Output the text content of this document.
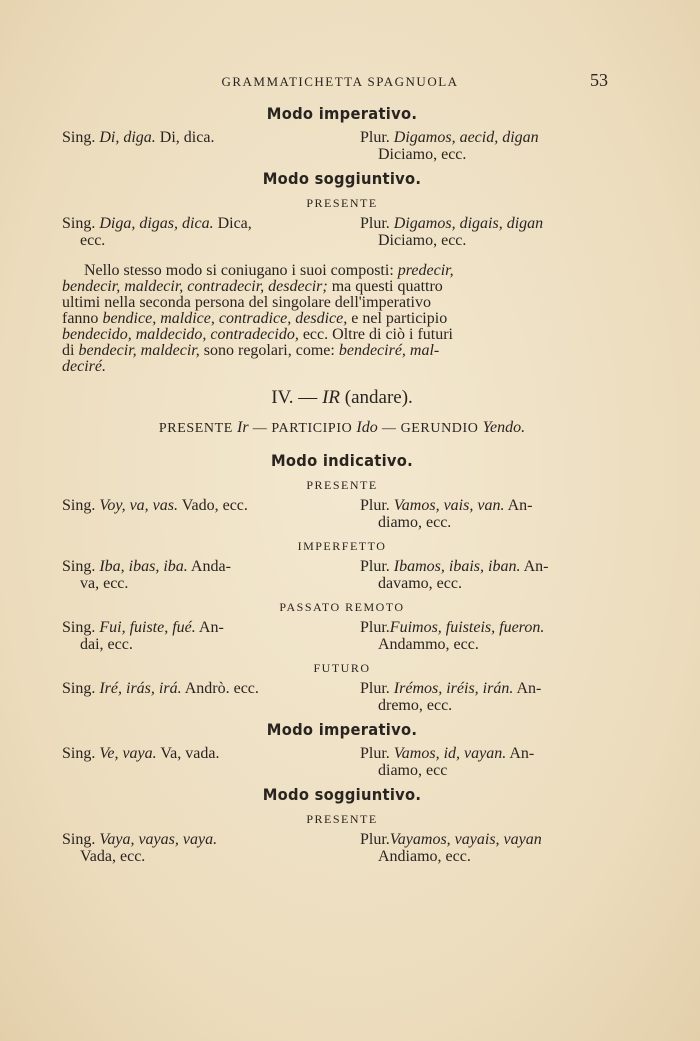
GRAMMATICHETTA SPAGNUOLA	53
Modo imperativo.
Sing. Di, diga. Di, dica.	Plur. Digamos, aecid, digan
Diciamo, ecc.
Modo soggiuntivo.
PRESENTE
Sing. Diga, digas, dica. Dica,
ecc.
Plur. Digamos, digais, digan
Diciamo, ecc.
Nello stesso modo si coniugano i suoi composti: predecir,
bendecir, maldecir, contradecir, desdecir; ma questi quattro
ultimi nella seconda persona del singolare dell'imperativo
fanno bendice, maldice, contradice, desdice, e nel participio
bendecido, maldecido, contradecido, ecc. Oltre di ciò i futuri
di bendecir, maldecir, sono regolari, come: bendeciré, mal-
deciré.
IV. — IR (andare).
PRESENTE Ir — PARTICIPIO Ido — GERUNDIO Yendo.
Modo indicativo.
PRESENTE
Sing. Voy, va, vas. Vado, ecc.	Plur. Vamos, vais, van. An-
diamo, ecc.
IMPERFETTO
Sing. Iba, ibas, iba. Anda-
va, ecc.
Plur. Ibamos, ibais, iban. An-
davamo, ecc.
PASSATO REMOTO
Sing. Fui, fuiste, fué. An-
dai, ecc.
Plur.Fuimos, fuisteis, fueron.
Andammo, ecc.
FUTURO
Sing. Iré, irás, irá. Andrò. ecc.	Plur. Irémos, iréis, irán. An-
dremo, ecc.
Modo imperativo.
Sing. Ve, vaya. Va, vada.	Plur. Vamos, id, vayan. An-
diamo, ecc
Modo soggiuntivo.
PRESENTE
Sing. Vaya, vayas, vaya.
Vada, ecc.
Plur.Vayamos, vayais, vayan
Andiamo, ecc.
